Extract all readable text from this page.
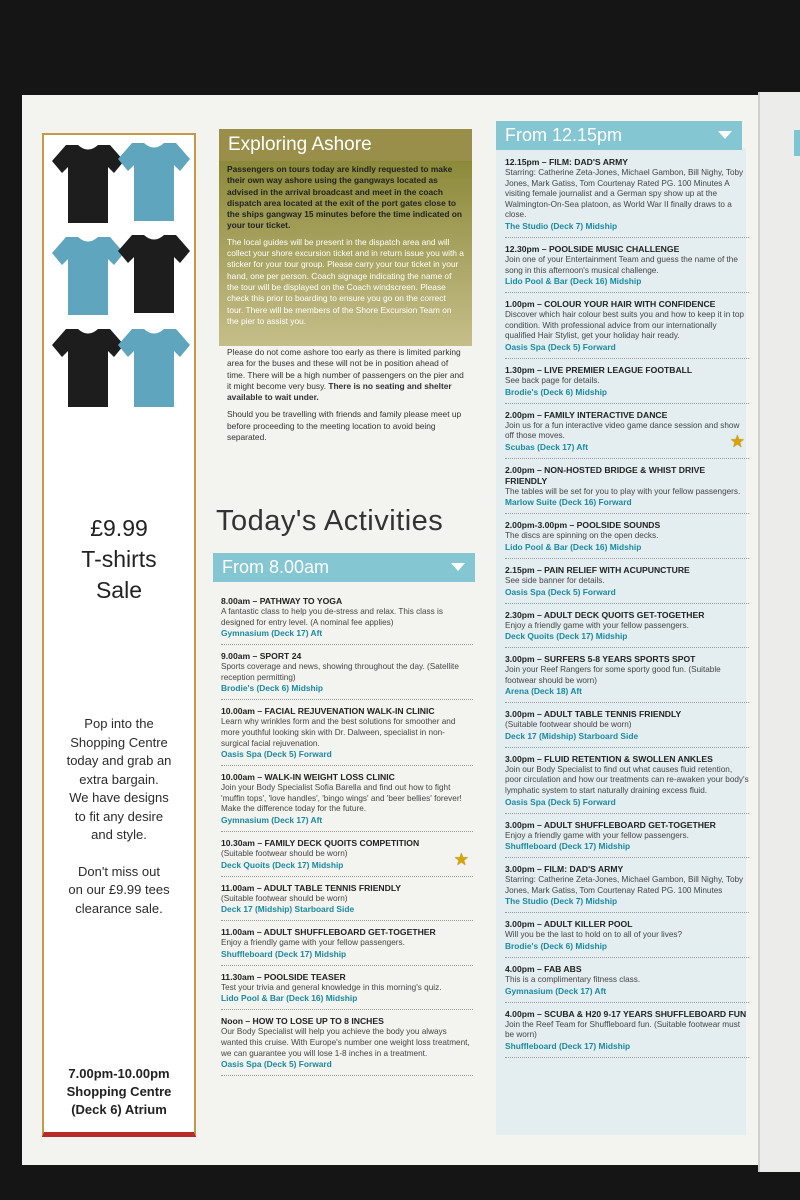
£9.99
T-shirts
Sale
Pop into the
Shopping Centre
today and grab an
extra bargain.
We have designs
to fit any desire
and style.
Don't miss out
on our £9.99 tees
clearance sale.
7.00pm-10.00pm
Shopping Centre
(Deck 6) Atrium
Exploring Ashore
Passengers on tours today are kindly requested to make their own way ashore using the gangways located as advised in the arrival broadcast and meet in the coach dispatch area located at the exit of the port gates close to the ships gangway 15 minutes before the time indicated on your tour ticket.
The local guides will be present in the dispatch area and will collect your shore excursion ticket and in return issue you with a sticker for your tour group. Please carry your tour ticket in your hand, one per person. Coach signage indicating the name of the tour will be displayed on the Coach windscreen. Please check this prior to boarding to ensure you go on the correct tour. There will be members of the Shore Excursion Team on the pier to assist you.
Please do not come ashore too early as there is limited parking area for the buses and these will not be in position ahead of time. There will be a high number of passengers on the pier and it might become very busy. There is no seating and shelter available to wait under.
Should you be travelling with friends and family please meet up before proceeding to the meeting location to avoid being separated.
Today's Activities
From 8.00am
From 12.15pm
8.00am – PATHWAY TO YOGA
A fantastic class to help you de-stress and relax. This class is designed for entry level. (A nominal fee applies)
Gymnasium (Deck 17) Aft
9.00am – SPORT 24
Sports coverage and news, showing throughout the day. (Satellite reception permitting)
Brodie's (Deck 6) Midship
10.00am – FACIAL REJUVENATION WALK-IN CLINIC
Learn why wrinkles form and the best solutions for smoother and more youthful looking skin with Dr. Dalween, specialist in non-surgical facial rejuvenation.
Oasis Spa (Deck 5) Forward
10.00am – WALK-IN WEIGHT LOSS CLINIC
Join your Body Specialist Sofia Barella and find out how to fight 'muffin tops', 'love handles', 'bingo wings' and 'beer bellies' forever! Make the difference today for the future.
Gymnasium (Deck 17) Aft
10.30am – FAMILY DECK QUOITS COMPETITION
(Suitable footwear should be worn)
Deck Quoits (Deck 17) Midship	★
11.00am – ADULT TABLE TENNIS FRIENDLY
(Suitable footwear should be worn)
Deck 17 (Midship) Starboard Side
11.00am – ADULT SHUFFLEBOARD GET-TOGETHER
Enjoy a friendly game with your fellow passengers.
Shuffleboard (Deck 17) Midship
11.30am – POOLSIDE TEASER
Test your trivia and general knowledge in this morning's quiz.
Lido Pool & Bar (Deck 16) Midship
Noon – HOW TO LOSE UP TO 8 INCHES
Our Body Specialist will help you achieve the body you always wanted this cruise. With Europe's number one weight loss treatment, we can guarantee you will lose 1-8 inches in a treatment.
Oasis Spa (Deck 5) Forward
12.15pm – FILM: DAD'S ARMY
Starring: Catherine Zeta-Jones, Michael Gambon, Bill Nighy, Toby Jones, Mark Gatiss, Tom Courtenay Rated PG. 100 Minutes A visiting female journalist and a German spy show up at the Walmington-On-Sea platoon, as World War II finally draws to a close.
The Studio (Deck 7) Midship
12.30pm – POOLSIDE MUSIC CHALLENGE
Join one of your Entertainment Team and guess the name of the song in this afternoon's musical challenge.
Lido Pool & Bar (Deck 16) Midship
1.00pm – COLOUR YOUR HAIR WITH CONFIDENCE
Discover which hair colour best suits you and how to keep it in top condition. With professional advice from our internationally qualified Hair Stylist, get your holiday hair ready.
Oasis Spa (Deck 5) Forward
1.30pm – LIVE PREMIER LEAGUE FOOTBALL
See back page for details.
Brodie's (Deck 6) Midship
2.00pm – FAMILY INTERACTIVE DANCE
Join us for a fun interactive video game dance session and show off those moves.
Scubas (Deck 17) Aft	★
2.00pm – NON-HOSTED BRIDGE & WHIST DRIVE FRIENDLY
The tables will be set for you to play with your fellow passengers.
Marlow Suite (Deck 16) Forward
2.00pm-3.00pm – POOLSIDE SOUNDS
The discs are spinning on the open decks.
Lido Pool & Bar (Deck 16) Midship
2.15pm – PAIN RELIEF WITH ACUPUNCTURE
See side banner for details.
Oasis Spa (Deck 5) Forward
2.30pm – ADULT DECK QUOITS GET-TOGETHER
Enjoy a friendly game with your fellow passengers.
Deck Quoits (Deck 17) Midship
3.00pm – SURFERS 5-8 YEARS SPORTS SPOT
Join your Reef Rangers for some sporty good fun. (Suitable footwear should be worn)
Arena (Deck 18) Aft
3.00pm – ADULT TABLE TENNIS FRIENDLY
(Suitable footwear should be worn)
Deck 17 (Midship) Starboard Side
3.00pm – FLUID RETENTION & SWOLLEN ANKLES
Join our Body Specialist to find out what causes fluid retention, poor circulation and how our treatments can re-awaken your body's lymphatic system to start naturally draining excess fluid.
Oasis Spa (Deck 5) Forward
3.00pm – ADULT SHUFFLEBOARD GET-TOGETHER
Enjoy a friendly game with your fellow passengers.
Shuffleboard (Deck 17) Midship
3.00pm – FILM: DAD'S ARMY
Starring: Catherine Zeta-Jones, Michael Gambon, Bill Nighy, Toby Jones, Mark Gatiss, Tom Courtenay Rated PG. 100 Minutes
The Studio (Deck 7) Midship
3.00pm – ADULT KILLER POOL
Will you be the last to hold on to all of your lives?
Brodie's (Deck 6) Midship
4.00pm – FAB ABS
This is a complimentary fitness class.
Gymnasium (Deck 17) Aft
4.00pm – SCUBA & H20 9-17 YEARS SHUFFLEBOARD FUN
Join the Reef Team for Shuffleboard fun. (Suitable footwear must be worn)
Shuffleboard (Deck 17) Midship
